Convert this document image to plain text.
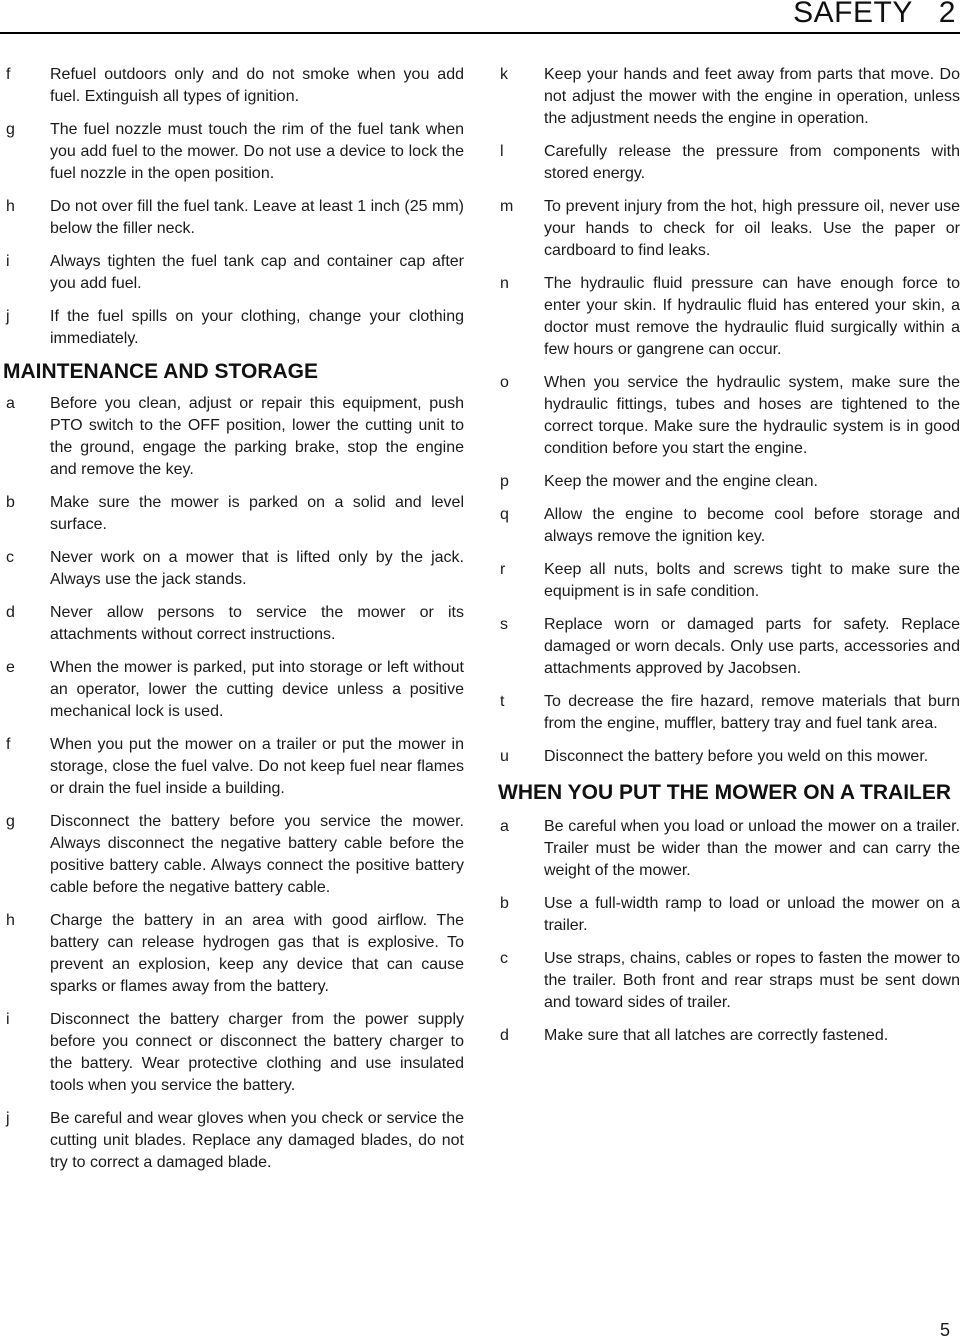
SAFETY   2
f	Refuel outdoors only and do not smoke when you add fuel. Extinguish all types of ignition.
g	The fuel nozzle must touch the rim of the fuel tank when you add fuel to the mower. Do not use a device to lock the fuel nozzle in the open position.
h	Do not over fill the fuel tank. Leave at least 1 inch (25 mm) below the filler neck.
i	Always tighten the fuel tank cap and container cap after you add fuel.
j	If the fuel spills on your clothing, change your clothing immediately.
MAINTENANCE AND STORAGE
a	Before you clean, adjust or repair this equipment, push PTO switch to the OFF position, lower the cutting unit to the ground, engage the parking brake, stop the engine and remove the key.
b	Make sure the mower is parked on a solid and level surface.
c	Never work on a mower that is lifted only by the jack. Always use the jack stands.
d	Never allow persons to service the mower or its attachments without correct instructions.
e	When the mower is parked, put into storage or left without an operator, lower the cutting device unless a positive mechanical lock is used.
f	When you put the mower on a trailer or put the mower in storage, close the fuel valve. Do not keep fuel near flames or drain the fuel inside a building.
g	Disconnect the battery before you service the mower. Always disconnect the negative battery cable before the positive battery cable. Always connect the positive battery cable before the negative battery cable.
h	Charge the battery in an area with good airflow. The battery can release hydrogen gas that is explosive. To prevent an explosion, keep any device that can cause sparks or flames away from the battery.
i	Disconnect the battery charger from the power supply before you connect or disconnect the battery charger to the battery. Wear protective clothing and use insulated tools when you service the battery.
j	Be careful and wear gloves when you check or service the cutting unit blades. Replace any damaged blades, do not try to correct a damaged blade.
k	Keep your hands and feet away from parts that move. Do not adjust the mower with the engine in operation, unless the adjustment needs the engine in operation.
l	Carefully release the pressure from components with stored energy.
m	To prevent injury from the hot, high pressure oil, never use your hands to check for oil leaks. Use the paper or cardboard to find leaks.
n	The hydraulic fluid pressure can have enough force to enter your skin. If hydraulic fluid has entered your skin, a doctor must remove the hydraulic fluid surgically within a few hours or gangrene can occur.
o	When you service the hydraulic system, make sure the hydraulic fittings, tubes and hoses are tightened to the correct torque. Make sure the hydraulic system is in good condition before you start the engine.
p	Keep the mower and the engine clean.
q	Allow the engine to become cool before storage and always remove the ignition key.
r	Keep all nuts, bolts and screws tight to make sure the equipment is in safe condition.
s	Replace worn or damaged parts for safety. Replace damaged or worn decals. Only use parts, accessories and attachments approved by Jacobsen.
t	To decrease the fire hazard, remove materials that burn from the engine, muffler, battery tray and fuel tank area.
u	Disconnect the battery before you weld on this mower.
WHEN YOU PUT THE MOWER ON A TRAILER
a	Be careful when you load or unload the mower on a trailer. Trailer must be wider than the mower and can carry the weight of the mower.
b	Use a full-width ramp to load or unload the mower on a trailer.
c	Use straps, chains, cables or ropes to fasten the mower to the trailer. Both front and rear straps must be sent down and toward sides of trailer.
d	Make sure that all latches are correctly fastened.
5
